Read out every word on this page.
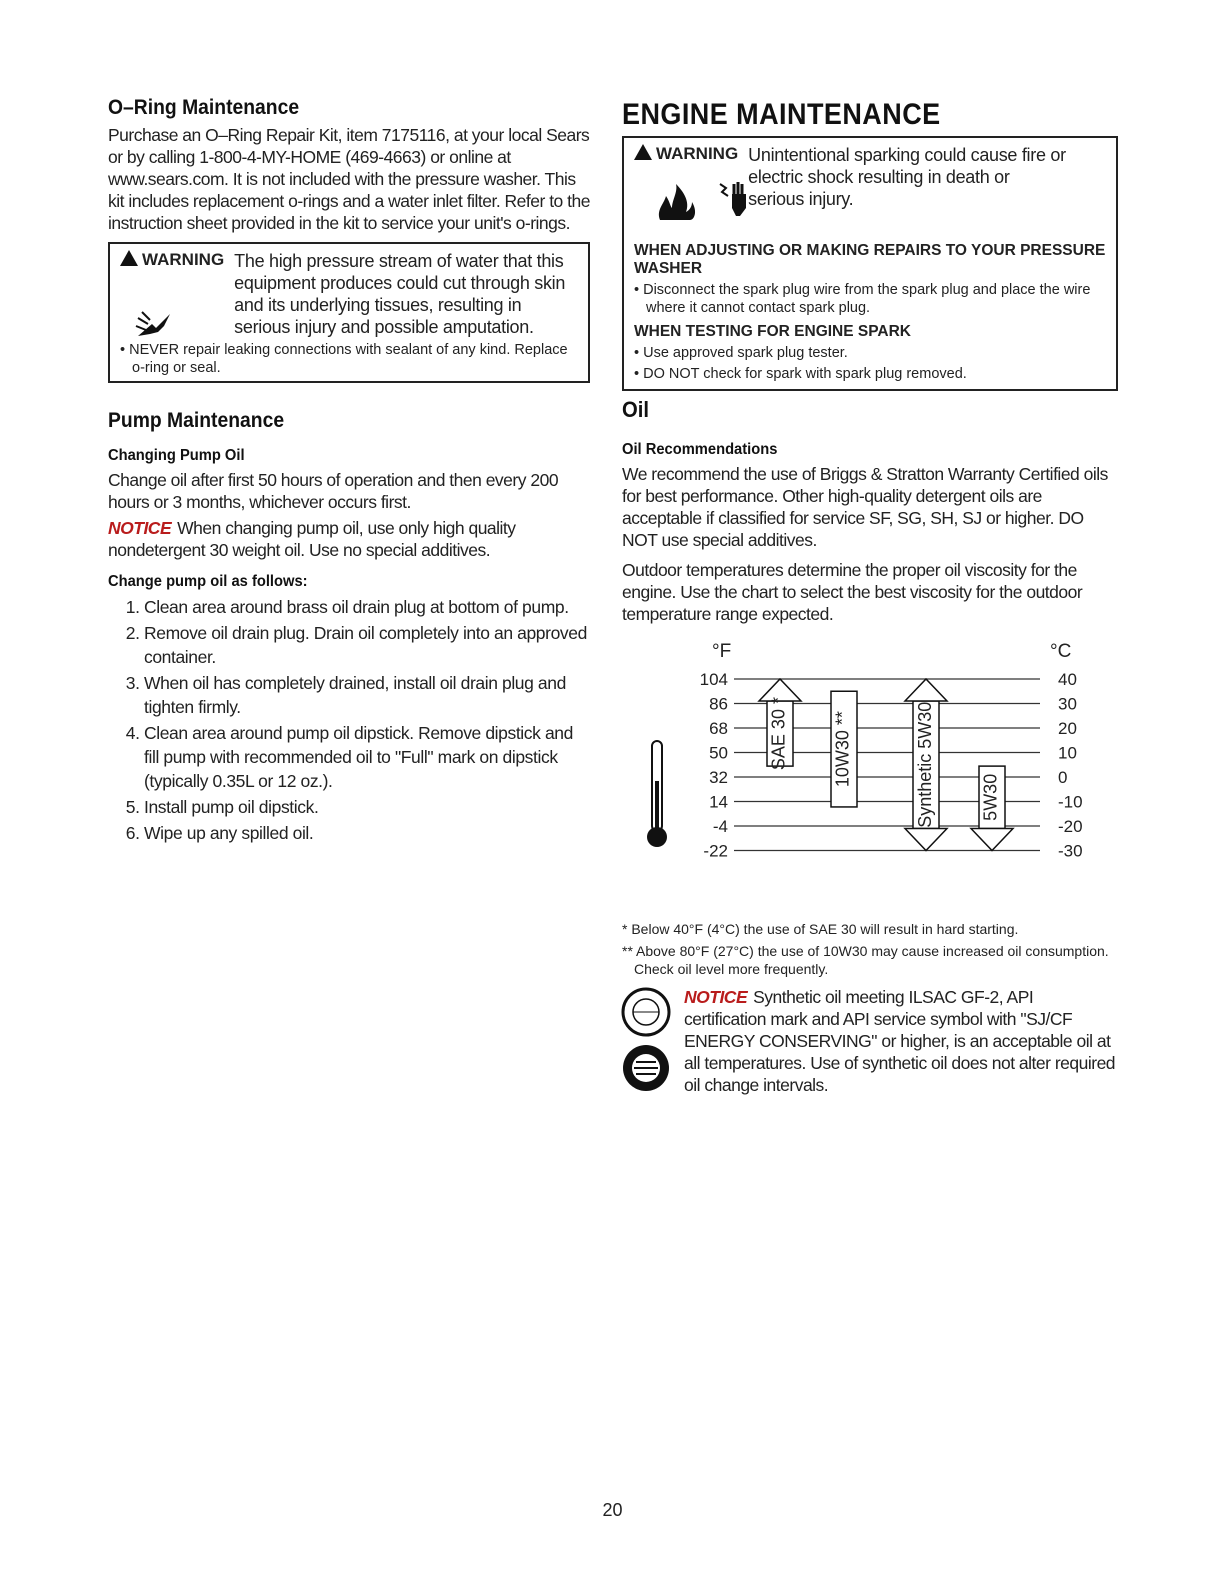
O–Ring Maintenance

Purchase an O–Ring Repair Kit, item 7175116, at your local Sears or by calling 1-800-4-MY-HOME (469-4663) or online at www.sears.com. It is not included with the pressure washer. This kit includes replacement o-rings and a water inlet filter. Refer to the instruction sheet provided in the kit to service your unit's o-rings.

WARNING The high pressure stream of water that this equipment produces could cut through skin and its underlying tissues, resulting in serious injury and possible amputation.
• NEVER repair leaking connections with sealant of any kind. Replace o-ring or seal.
Pump Maintenance
Changing Pump Oil

Change oil after first 50 hours of operation and then every 200 hours or 3 months, whichever occurs first.

NOTICE When changing pump oil, use only high quality nondetergent 30 weight oil. Use no special additives.

Change pump oil as follows:
1. Clean area around brass oil drain plug at bottom of pump.
2. Remove oil drain plug. Drain oil completely into an approved container.
3. When oil has completely drained, install oil drain plug and tighten firmly.
4. Clean area around pump oil dipstick. Remove dipstick and fill pump with recommended oil to "Full" mark on dipstick (typically 0.35L or 12 oz.).
5. Install pump oil dipstick.
6. Wipe up any spilled oil.
ENGINE MAINTENANCE
WARNING Unintentional sparking could cause fire or electric shock resulting in death or serious injury.
WHEN ADJUSTING OR MAKING REPAIRS TO YOUR PRESSURE WASHER
• Disconnect the spark plug wire from the spark plug and place the wire where it cannot contact spark plug.
WHEN TESTING FOR ENGINE SPARK
• Use approved spark plug tester.
• DO NOT check for spark with spark plug removed.
Oil
Oil Recommendations

We recommend the use of Briggs & Stratton Warranty Certified oils for best performance. Other high-quality detergent oils are acceptable if classified for service SF, SG, SH, SJ or higher. DO NOT use special additives.

Outdoor temperatures determine the proper oil viscosity for the engine. Use the chart to select the best viscosity for the outdoor temperature range expected.

°F	°C
104	40
86	30
68	20
50	10
32	0
14	-10
-4	-20
-22	-30
SAE 30 * 10W30 **	Synthetic 5W30	5W30
* Below 40°F (4°C) the use of SAE 30 will result in hard starting.
** Above 80°F (27°C) the use of 10W30 may cause increased oil consumption. Check oil level more frequently.

NOTICE Synthetic oil meeting ILSAC GF-2, API certification mark and API service symbol with "SJ/CF ENERGY CONSERVING" or higher, is an acceptable oil at all temperatures. Use of synthetic oil does not alter required oil change intervals.

20
